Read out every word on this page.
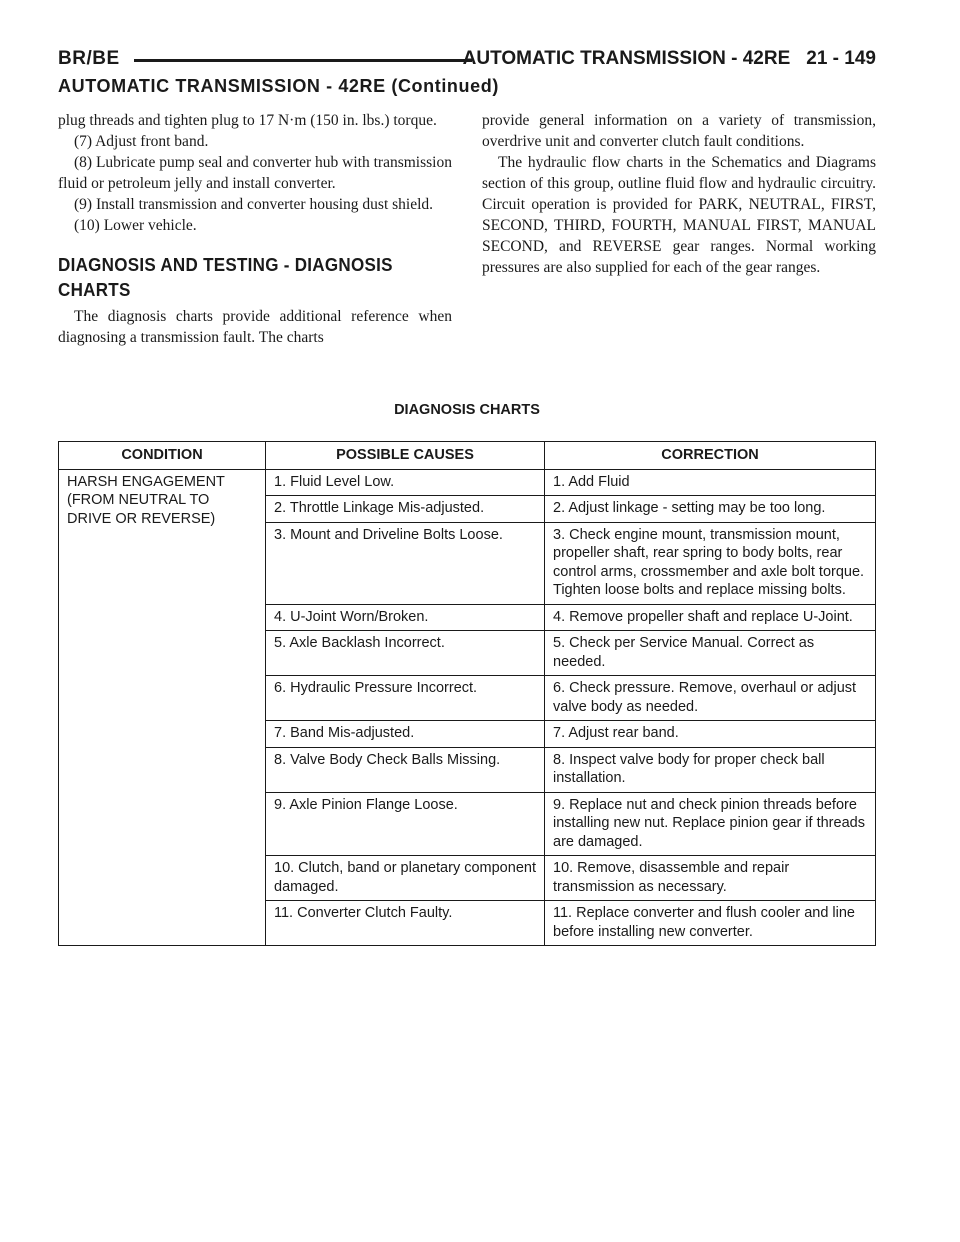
BR/BE	AUTOMATIC TRANSMISSION - 42RE 21 - 149
AUTOMATIC TRANSMISSION - 42RE (Continued)

plug threads and tighten plug to 17 N·m (150 in. lbs.) torque.

(7) Adjust front band.

(8) Lubricate pump seal and converter hub with transmission fluid or petroleum jelly and install converter.

(9) Install transmission and converter housing dust shield.

(10) Lower vehicle.

DIAGNOSIS AND TESTING - DIAGNOSIS
CHARTS

The diagnosis charts provide additional reference when diagnosing a transmission fault. The charts

provide general information on a variety of transmission, overdrive unit and converter clutch fault conditions.

The hydraulic flow charts in the Schematics and Diagrams section of this group, outline fluid flow and hydraulic circuitry. Circuit operation is provided for PARK, NEUTRAL, FIRST, SECOND, THIRD, FOURTH, MANUAL FIRST, MANUAL SECOND, and REVERSE gear ranges. Normal working pressures are also supplied for each of the gear ranges.

DIAGNOSIS CHARTS
CONDITION	POSSIBLE CAUSES	CORRECTION
HARSH ENGAGEMENT (FROM NEUTRAL TO DRIVE OR REVERSE)	1. Fluid Level Low.	1. Add Fluid
	2. Throttle Linkage Mis-adjusted.	2. Adjust linkage - setting may be too long.
	3. Mount and Driveline Bolts Loose.	3. Check engine mount, transmission mount, propeller shaft, rear spring to body bolts, rear control arms, crossmember and axle bolt torque. Tighten loose bolts and replace missing bolts.
	4. U-Joint Worn/Broken.	4. Remove propeller shaft and replace U-Joint.
	5. Axle Backlash Incorrect.	5. Check per Service Manual. Correct as needed.
	6. Hydraulic Pressure Incorrect.	6. Check pressure. Remove, overhaul or adjust valve body as needed.
	7. Band Mis-adjusted.	7. Adjust rear band.
	8. Valve Body Check Balls Missing.	8. Inspect valve body for proper check ball installation.
	9. Axle Pinion Flange Loose.	9. Replace nut and check pinion threads before installing new nut. Replace pinion gear if threads are damaged.
	10. Clutch, band or planetary component damaged.	10. Remove, disassemble and repair transmission as necessary.
	11. Converter Clutch Faulty.	11. Replace converter and flush cooler and line before installing new converter.
